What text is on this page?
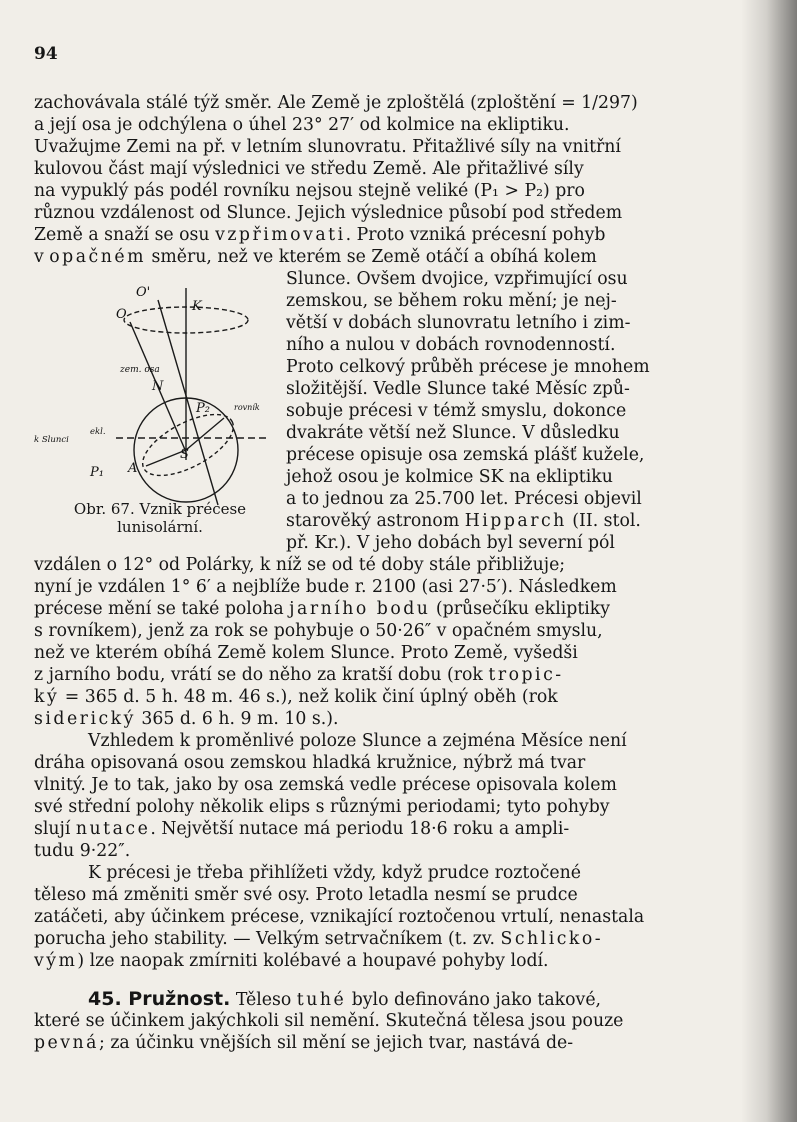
94
zachovávala stálé týž směr. Ale Země je zploštělá (zploštění = 1/297)
a její osa je odchýlena o úhel 23° 27′ od kolmice na ekliptiku.
Uvažujme Zemi na př. v letním slunovratu. Přitažlivé síly na vnitřní
kulovou část mají výslednici ve středu Země. Ale přitažlivé síly
na vypuklý pás podél rovníku nejsou stejně veliké (P₁ > P₂) pro
různou vzdálenost od Slunce. Jejich výslednice působí pod středem
Země a snaží se osu vzpřimovati. Proto vzniká précesní pohyb
v opačném směru, než ve kterém se Země otáčí a obíhá kolem
Slunce. Ovšem dvojice, vzpřimující osu
zemskou, se během roku mění; je nej-
větší v dobách slunovratu letního i zim-
ního a nulou v dobách rovnodenností.
Proto celkový průběh précese je mnohem
složitější. Vedle Slunce také Měsíc způ-
sobuje précesi v témž smyslu, dokonce
dvakráte větší než Slunce. V důsledku
précese opisuje osa zemská plášť kužele,
jehož osou je kolmice SK na ekliptiku
a to jednou za 25.700 let. Précesi objevil
starověký astronom Hipparch (II. stol.
př. Kr.). V jeho dobách byl severní pól
O'
O
K
zem. osa
N
P₂	rovník
k Slunci
ekl.
S
P₁ A
Obr. 67. Vznik précese
lunisolární.
vzdálen o 12° od Polárky, k níž se od té doby stále přibližuje;
nyní je vzdálen 1° 6′ a nejblíže bude r. 2100 (asi 27·5′). Následkem
précese mění se také poloha jarního bodu (průsečíku ekliptiky
s rovníkem), jenž za rok se pohybuje o 50·26″ v opačném smyslu,
než ve kterém obíhá Země kolem Slunce. Proto Země, vyšedši
z jarního bodu, vrátí se do něho za kratší dobu (rok tropic-
ký = 365 d. 5 h. 48 m. 46 s.), než kolik činí úplný oběh (rok
siderický 365 d. 6 h. 9 m. 10 s.).
Vzhledem k proměnlivé poloze Slunce a zejména Měsíce není
dráha opisovaná osou zemskou hladká kružnice, nýbrž má tvar
vlnitý. Je to tak, jako by osa zemská vedle précese opisovala kolem
své střední polohy několik elips s různými periodami; tyto pohyby
slují nutace. Největší nutace má periodu 18·6 roku a ampli-
tudu 9·22″.
K précesi je třeba přihlížeti vždy, když prudce roztočené
těleso má změniti směr své osy. Proto letadla nesmí se prudce
zatáčeti, aby účinkem précese, vznikající roztočenou vrtulí, nenastala
porucha jeho stability. — Velkým setrvačníkem (t. zv. Schlicko-
vým) lze naopak zmírniti kolébavé a houpavé pohyby lodí.
45. Pružnost. Těleso tuhé bylo definováno jako takové,
které se účinkem jakýchkoli sil nemění. Skutečná tělesa jsou pouze
pevná; za účinku vnějších sil mění se jejich tvar, nastává de-
